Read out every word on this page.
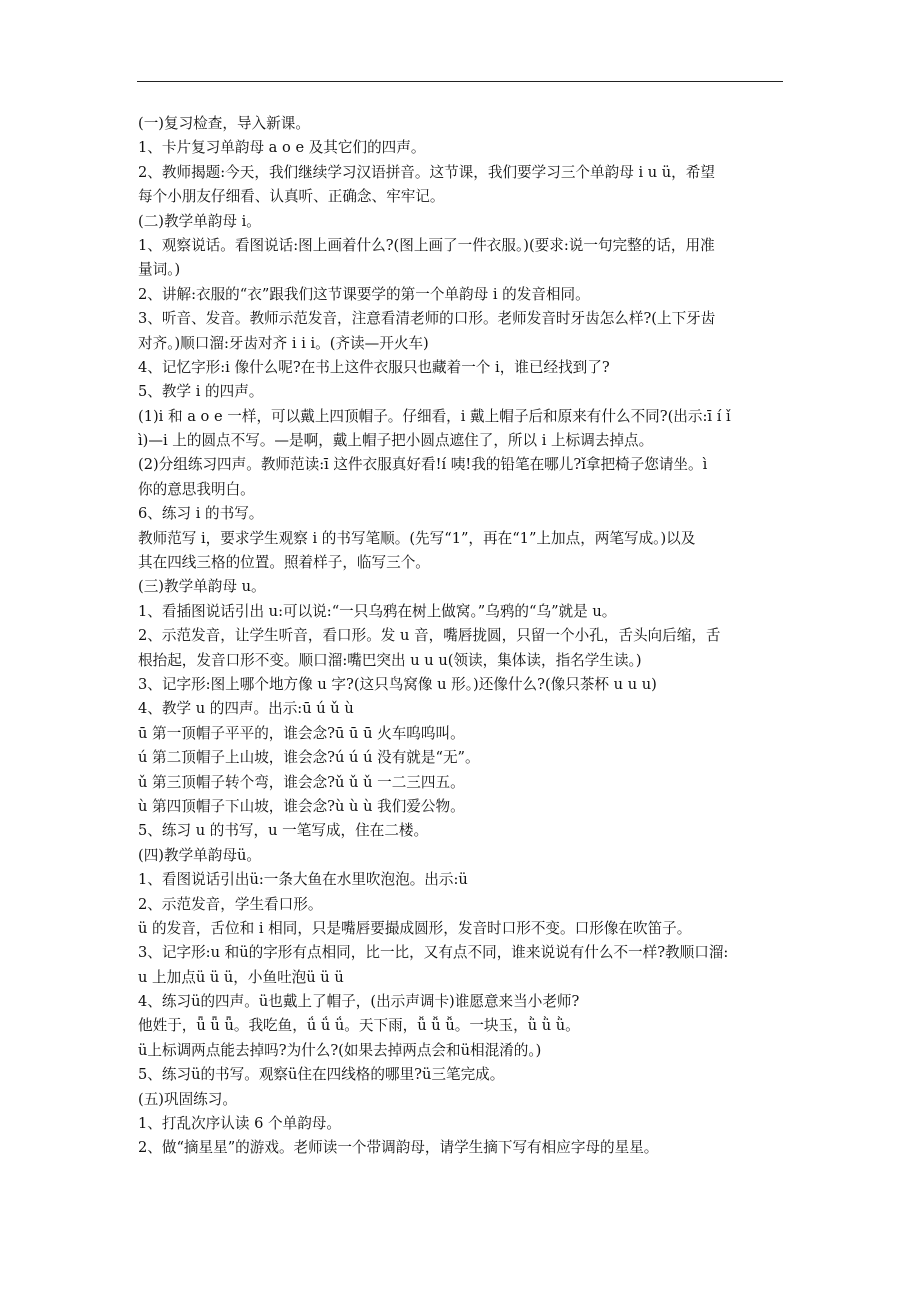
(一)复习检查，导入新课。
1、卡片复习单韵母 a o e 及其它们的四声。
2、教师揭题:今天，我们继续学习汉语拼音。这节课，我们要学习三个单韵母 i u ü，希望
每个小朋友仔细看、认真听、正确念、牢牢记。
(二)教学单韵母 i。
1、观察说话。看图说话:图上画着什么?(图上画了一件衣服。)(要求:说一句完整的话，用准
量词。)
2、讲解:衣服的“衣”跟我们这节课要学的第一个单韵母 i 的发音相同。
3、听音、发音。教师示范发音，注意看清老师的口形。老师发音时牙齿怎么样?(上下牙齿
对齐。)顺口溜:牙齿对齐 i i i。(齐读—开火车)
4、记忆字形:i 像什么呢?在书上这件衣服只也藏着一个 i，谁已经找到了?
5、教学 i 的四声。
(1)i 和 a o e 一样，可以戴上四顶帽子。仔细看，i 戴上帽子后和原来有什么不同?(出示:ī í ǐ
ì)—i 上的圆点不写。—是啊，戴上帽子把小圆点遮住了，所以 i 上标调去掉点。
(2)分组练习四声。教师范读:ī 这件衣服真好看!í 咦!我的铅笔在哪儿?ǐ拿把椅子您请坐。ì
你的意思我明白。
6、练习 i 的书写。
教师范写 i，要求学生观察 i 的书写笔顺。(先写“1”，再在“1”上加点，两笔写成。)以及
其在四线三格的位置。照着样子，临写三个。
(三)教学单韵母 u。
1、看插图说话引出 u:可以说:“一只乌鸦在树上做窝。”乌鸦的“乌”就是 u。
2、示范发音，让学生听音，看口形。发 u 音，嘴唇拢圆，只留一个小孔，舌头向后缩，舌
根抬起，发音口形不变。顺口溜:嘴巴突出 u u u(领读，集体读，指名学生读。)
3、记字形:图上哪个地方像 u 字?(这只鸟窝像 u 形。)还像什么?(像只茶杯 u u u)
4、教学 u 的四声。出示:ū ú ǔ ù
ū 第一顶帽子平平的，谁会念?ū ū ū 火车呜呜叫。
ú 第二顶帽子上山坡，谁会念?ú ú ú 没有就是“无”。
ǔ 第三顶帽子转个弯，谁会念?ǔ ǔ ǔ 一二三四五。
ù 第四顶帽子下山坡，谁会念?ù ù ù 我们爱公物。
5、练习 u 的书写，u 一笔写成，住在二楼。
(四)教学单韵母ü。
1、看图说话引出ü:一条大鱼在水里吹泡泡。出示:ü
2、示范发音，学生看口形。
ü 的发音，舌位和 i 相同，只是嘴唇要撮成圆形，发音时口形不变。口形像在吹笛子。
3、记字形:u 和ü的字形有点相同，比一比，又有点不同，谁来说说有什么不一样?教顺口溜:
u 上加点ü ü ü，小鱼吐泡ü ü ü
4、练习ü的四声。ü也戴上了帽子，(出示声调卡)谁愿意来当小老师?
他姓于，ǖ ǖ ǖ。我吃鱼，ǘ ǘ ǘ。天下雨，ǚ ǚ ǚ。一块玉，ǜ ǜ ǜ。
ü上标调两点能去掉吗?为什么?(如果去掉两点会和ü相混淆的。)
5、练习ü的书写。观察ü住在四线格的哪里?ü三笔完成。
(五)巩固练习。
1、打乱次序认读 6 个单韵母。
2、做“摘星星”的游戏。老师读一个带调韵母，请学生摘下写有相应字母的星星。
